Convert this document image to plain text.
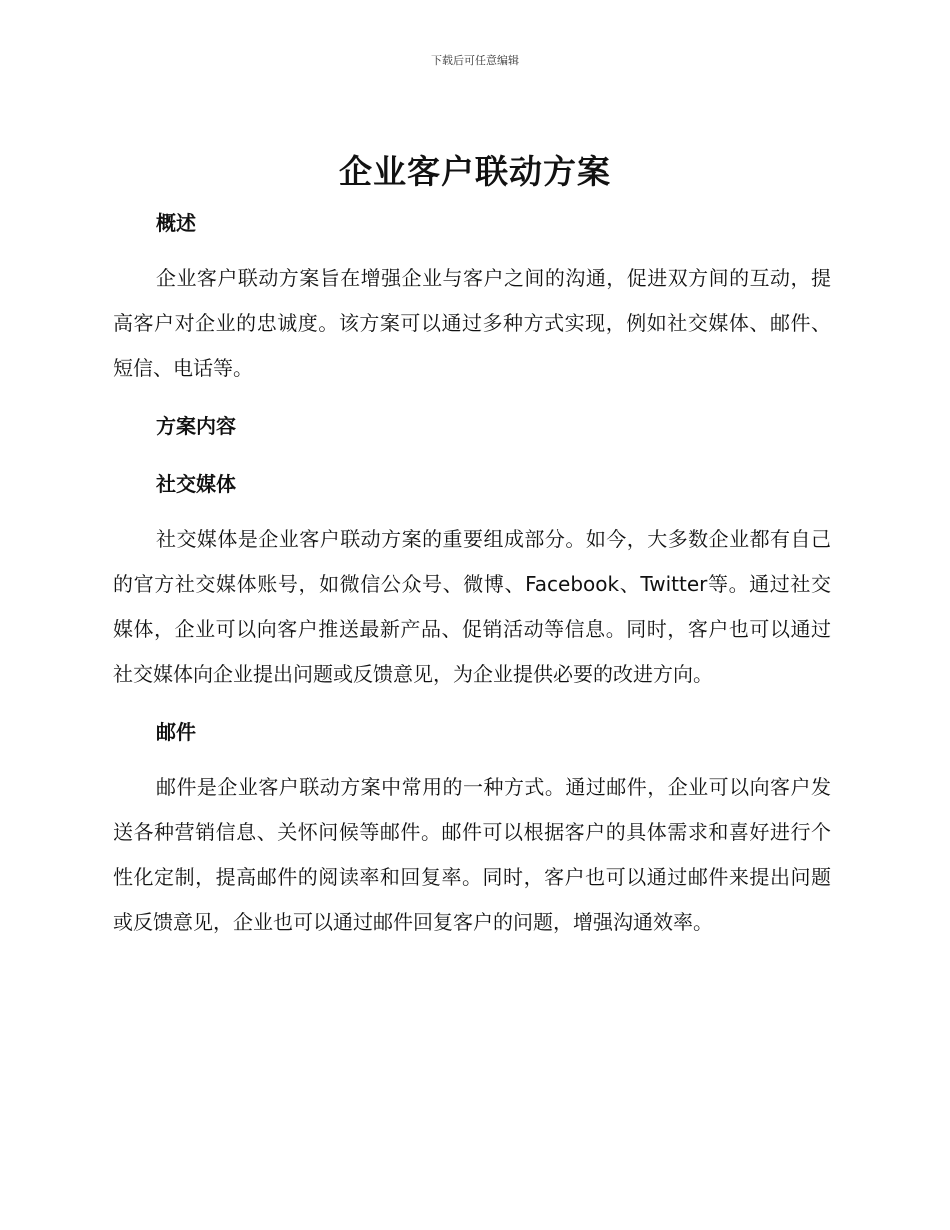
下载后可任意编辑
企业客户联动方案
概述

企业客户联动方案旨在增强企业与客户之间的沟通，促进双方间的互动，提高客户对企业的忠诚度。该方案可以通过多种方式实现，例如社交媒体、邮件、短信、电话等。

方案内容
社交媒体

社交媒体是企业客户联动方案的重要组成部分。如今，大多数企业都有自己的官方社交媒体账号，如微信公众号、微博、Facebook、Twitter等。通过社交媒体，企业可以向客户推送最新产品、促销活动等信息。同时，客户也可以通过社交媒体向企业提出问题或反馈意见，为企业提供必要的改进方向。

邮件

邮件是企业客户联动方案中常用的一种方式。通过邮件，企业可以向客户发送各种营销信息、关怀问候等邮件。邮件可以根据客户的具体需求和喜好进行个性化定制，提高邮件的阅读率和回复率。同时，客户也可以通过邮件来提出问题或反馈意见，企业也可以通过邮件回复客户的问题，增强沟通效率。
